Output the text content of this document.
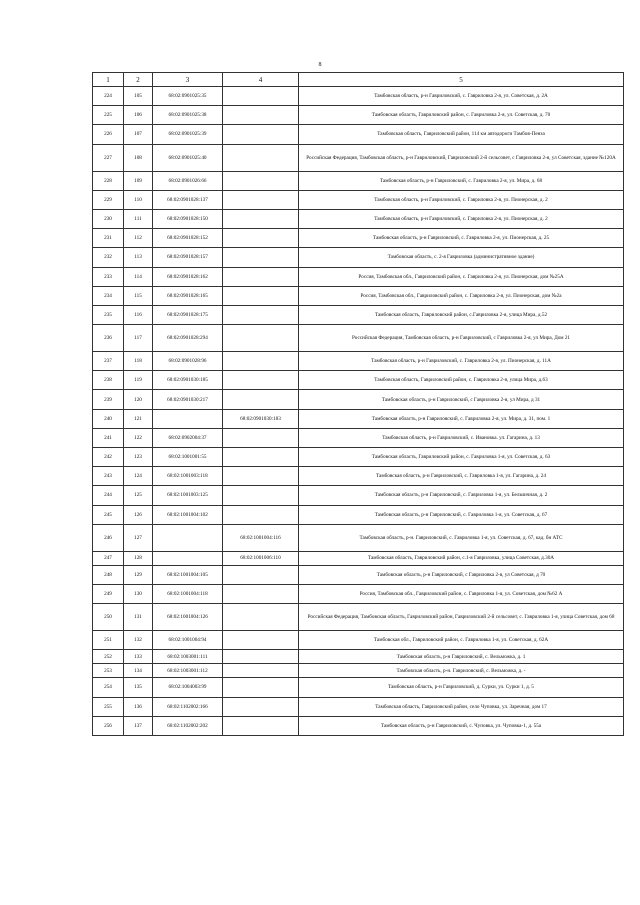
8
1	2	3	4	5
224	105	68:02:0901025:35		Тамбовская область, р-н Гавриловский, с. Гавриловка 2-я, ул. Советская, д. 2А
225	106	68:02:0901025:38		Тамбовская область, Гавриловский район, с. Гавриловка 2-я, ул. Советская, д. 70
226	107	68:02:0901025:39		Тамбовская область, Гавриловский район, 114 км автодороги Тамбов-Пенза
227	108	68:02:0901025:40		Российская Федерация, Тамбовская область, р-н Гавриловский, Гавриловский 2-й сельсовет, с Гавриловка 2-я, ул Советская, здание №120А
228	109	68:02:0901026:66		Тамбовская область, р-н Гавриловский, с. Гавриловка 2-я, ул. Мира, д. 68
229	110	68:02:0901028:137		Тамбовская область, р-н Гавриловский, с. Гавриловка 2-я, ул. Пионерская, д. 2
230	111	68:02:0901028:150		Тамбовская область, р-н Гавриловский, с. Гавриловка 2-я, ул. Пионерская, д. 2
231	112	68:02:0901028:152		Тамбовская область, р-н Гавриловский, с. Гавриловка 2-я, ул. Пионерская, д. 25
232	113	68:02:0901028:157		Тамбовская область, с. 2-я Гавриловка (административное здание)
233	114	68:02:0901028:162		Россия, Тамбовская обл., Гавриловский район, с. Гавриловка 2-я, ул. Пионерская, дом №25А
234	115	68:02:0901028:165		Россия, Тамбовская обл., Гавриловский район, с. Гавриловка 2-я, ул. Пионерская, дом №2а
235	116	68:02:0901028:175		Тамбовская область, Гавриловский район, с.Гавриловка 2-я, улица Мира, д.52
236	117	68:02:0901028:294		Российская Федерация, Тамбовская область, р-н Гавриловский, с Гавриловка 2-я, ул Мира, Дом 21
237	118	68:02:0901028:96		Тамбовская область, р-н Гавриловский, с. Гавриловка 2-я, ул. Пионерская, д. 11А
238	119	68:02:0901030:185		Тамбовская область, Гавриловский район, с. Гавриловка 2-я, улица Мира, д.63
239	120	68:02:0901030:217		Тамбовская область, р-н Гавриловский, с Гавриловка 2-я, ул Мира, д 31
240	121		68:02:0901030:183	Тамбовская область, р-н Гавриловский, с. Гавриловка 2-я, ул. Мира, д. 31, пом. 1
241	122	68:02:0902004:37		Тамбовская область, р-н Гавриловский, с. Ивановка. ул. Гагарина, д. 13
242	123	68:02:1001001:55		Тамбовская область, Гавриловский район, с. Гавриловка 1-я, ул. Советская, д. 63
243	124	68:02:1001003:118		Тамбовская область, р-н Гавриловский, с. Гавриловка 1-я, ул. Гагарина, д. 24
244	125	68:02:1001003:125		Тамбовская область, р-н Гавриловский, с. Гавриловка 1-я, ул. Бельчичная, д. 2
245	126	68:02:1001004:102		Тамбовская область, р-н Гавриловский, с. Гавриловка 1-я, ул. Советская, д. 67
246	127		68:02:1001004:116	Тамбовская область, р-н. Гавриловский, с. Гавриловка 1-я, ул. Советская, д. 67, кад. бн АТС
247	128		68:02:1001006:110	Тамбовская область, Гавриловский район, с.1-я Гавриловка, улица Советская, д.30А
248	129	68:02:1001004:105		Тамбовская область, р-н Гавриловский, с Гавриловка 2-я, ул Советская, д 70
249	130	68:02:1001004:118		Россия, Тамбовская обл., Гавриловский район, с. Гавриловка 1-я, ул. Советская, дом №62 А
250	131	68:02:1001004:126		Российская Федерация, Тамбовская область, Гавриловский район, Гавриловский 2-й сельсовет, с. Гавриловка 1-я, улица Советская, дом 68
251	132	68:02:1001004:94		Тамбовская обл., Гавриловский район, с. Гавриловка 1-я, ул. Советская, д. 62А
252	133	68:02:1003001:111		Тамбовская область, р-н Гавриловский, с. Вельможка, д. 1
253	134	68:02:1003001:112		Тамбовская область, р-н. Гавриловский, с. Вельможка, д. -
254	135	68:02:1004003:99		Тамбовская область, р-н Гавриловский, д. Сурки, ул. Сурки 1, д. 5
255	136	68:02:1102002:166		Тамбовская область, Гавриловский район, село Чуповка, ул. Заречная, дом 17
256	137	68:02:1102002:202		Тамбовская область, р-н Гавриловский, с. Чуповка, ул. Чуповка-1, д. 55а
